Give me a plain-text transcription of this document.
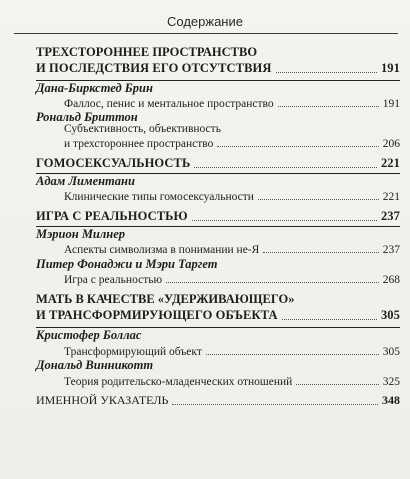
Содержание
ТРЕХСТОРОННЕЕ ПРОСТРАНСТВО
И ПОСЛЕДСТВИЯ ЕГО ОТСУТСТВИЯ	191
Дана-Биркстед Брин
Фаллос, пенис и ментальное пространство	191
Рональд Бриттон
Субъективность, объективность
и трехстороннее пространство	206
ГОМОСЕКСУАЛЬНОСТЬ	221
Адам Лиментани
Клинические типы гомосексуальности	221
ИГРА С РЕАЛЬНОСТЬЮ	237
Мэрион Милнер
Аспекты символизма в понимании не-Я	237
Питер Фонаджи и Мэри Таргет
Игра с реальностью	268
МАТЬ В КАЧЕСТВЕ «УДЕРЖИВАЮЩЕГО»
И ТРАНСФОРМИРУЮЩЕГО ОБЪЕКТА	305
Кристофер Боллас
Трансформирующий объект	305
Дональд Винникотт
Теория родительско-младенческих отношений	325
ИМЕННОЙ УКАЗАТЕЛЬ	348
